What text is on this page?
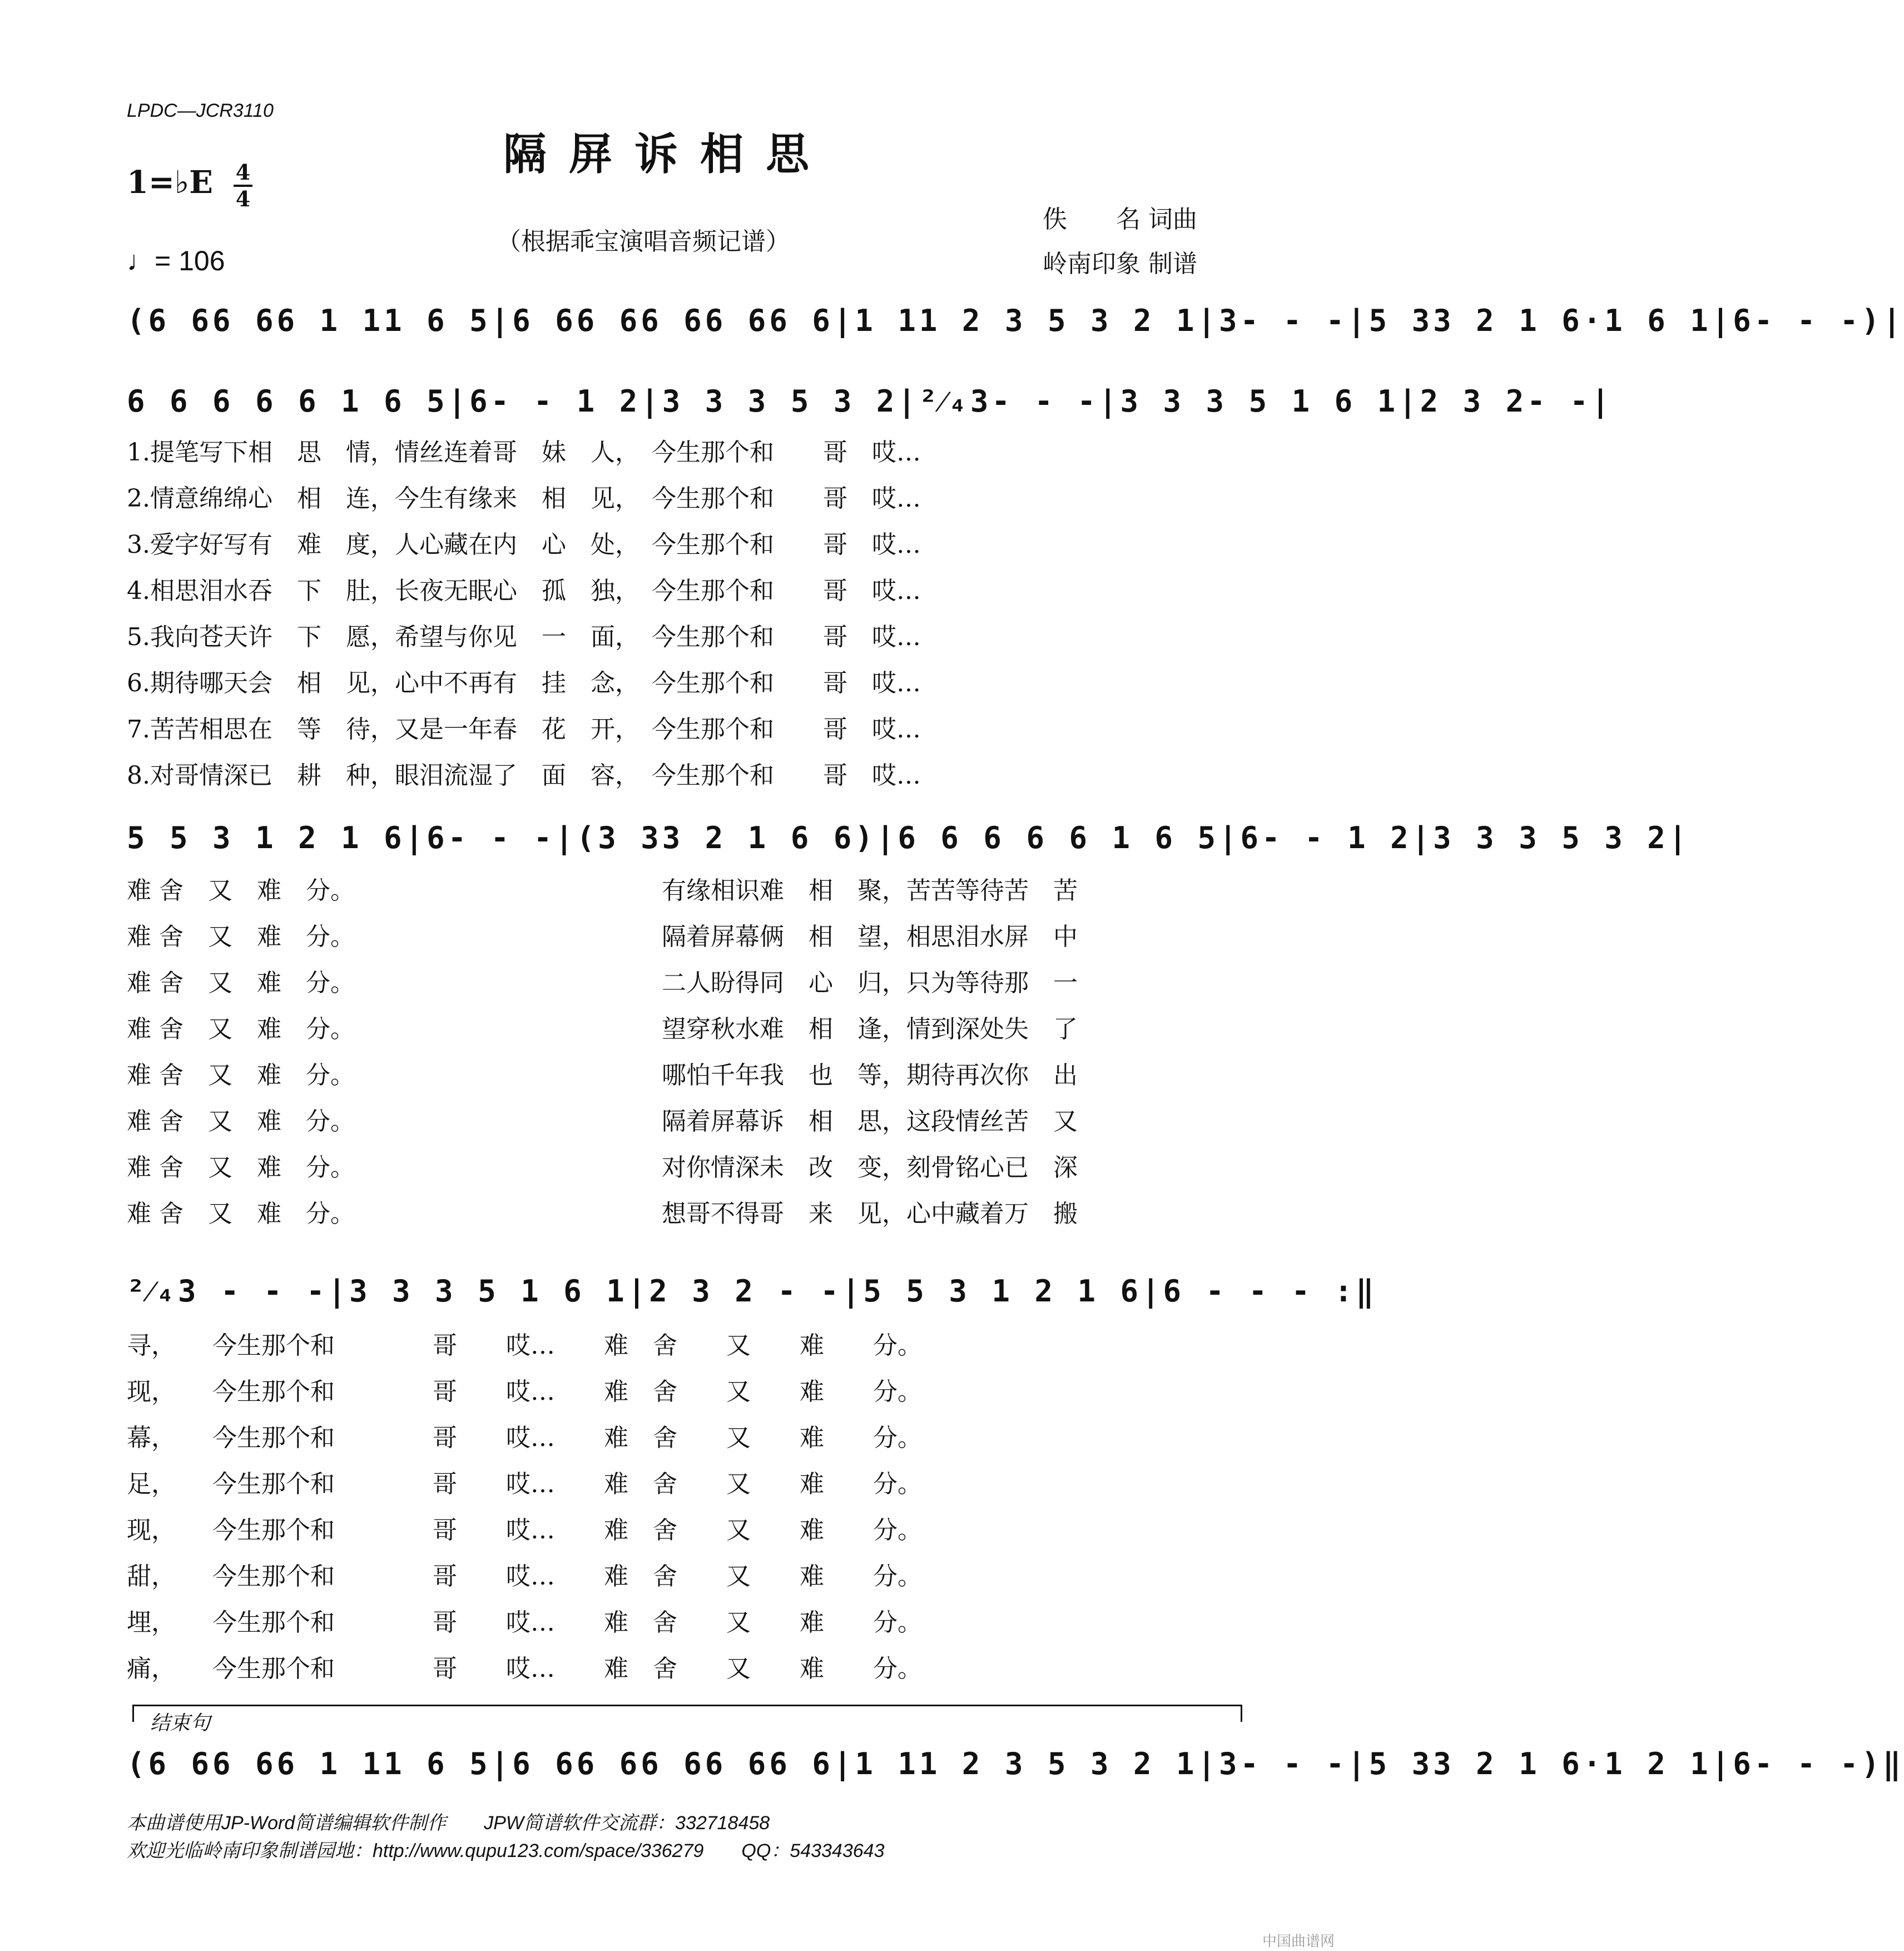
LPDC—JCR3110
隔屏诉相思
1=♭E 4
4
♩= 106
（根据乖宝演唱音频记谱）
佚　　名 词曲
岭南印象 制谱
(6 66 66 1 11 6 5|6 66 66 66 66 6|1 11 2 3 5 3 2 1|3- - -|5 33 2 1 6·1 6 1|6- - -)|
6 6 6 6 6 1 6 5|6- - 1 2|3 3 3 5 3 2|²⁄₄3- - -|3 3 3 5 1 6 1|2 3 2- -|
1.提笔写下相　思　情，情丝连着哥　妹　人，　今生那个和　　哥　哎…
2.情意绵绵心　相　连，今生有缘来　相　见，　今生那个和　　哥　哎…
3.爱字好写有　难　度，人心藏在内　心　处，　今生那个和　　哥　哎…
4.相思泪水吞　下　肚，长夜无眠心　孤　独，　今生那个和　　哥　哎…
5.我向苍天许　下　愿，希望与你见　一　面，　今生那个和　　哥　哎…
6.期待哪天会　相　见，心中不再有　挂　念，　今生那个和　　哥　哎…
7.苦苦相思在　等　待，又是一年春　花　开，　今生那个和　　哥　哎…
8.对哥情深已　耕　种，眼泪流湿了　面　容，　今生那个和　　哥　哎…
5 5 3 1 2 1 6|6- - -|(3 33 2 1 6 6)|6 6 6 6 6 1 6 5|6- - 1 2|3 3 3 5 3 2|
难 舍　又　难　分。
难 舍　又　难　分。
难 舍　又　难　分。
难 舍　又　难　分。
难 舍　又　难　分。
难 舍　又　难　分。
难 舍　又　难　分。
难 舍　又　难　分。
有缘相识难　相　聚，苦苦等待苦　苦
隔着屏幕俩　相　望，相思泪水屏　中
二人盼得同　心　归，只为等待那　一
望穿秋水难　相　逢，情到深处失　了
哪怕千年我　也　等，期待再次你　出
隔着屏幕诉　相　思，这段情丝苦　又
对你情深未　改　变，刻骨铭心已　深
想哥不得哥　来　见，心中藏着万　搬
²⁄₄3 - - -|3 3 3 5 1 6 1|2 3 2 - -|5 5 3 1 2 1 6|6 - - - :‖
寻，　　今生那个和　　　　哥　　哎…　　难　舍　　又　　难　　分。
现，　　今生那个和　　　　哥　　哎…　　难　舍　　又　　难　　分。
幕，　　今生那个和　　　　哥　　哎…　　难　舍　　又　　难　　分。
足，　　今生那个和　　　　哥　　哎…　　难　舍　　又　　难　　分。
现，　　今生那个和　　　　哥　　哎…　　难　舍　　又　　难　　分。
甜，　　今生那个和　　　　哥　　哎…　　难　舍　　又　　难　　分。
埋，　　今生那个和　　　　哥　　哎…　　难　舍　　又　　难　　分。
痛，　　今生那个和　　　　哥　　哎…　　难　舍　　又　　难　　分。
结束句
(6 66 66 1 11 6 5|6 66 66 66 66 6|1 11 2 3 5 3 2 1|3- - -|5 33 2 1 6·1 2 1|6- - -)‖
本曲谱使用JP-Word简谱编辑软件制作　　JPW简谱软件交流群：332718458
欢迎光临岭南印象制谱园地：http://www.qupu123.com/space/336279　　QQ：543343643
中国曲谱网
